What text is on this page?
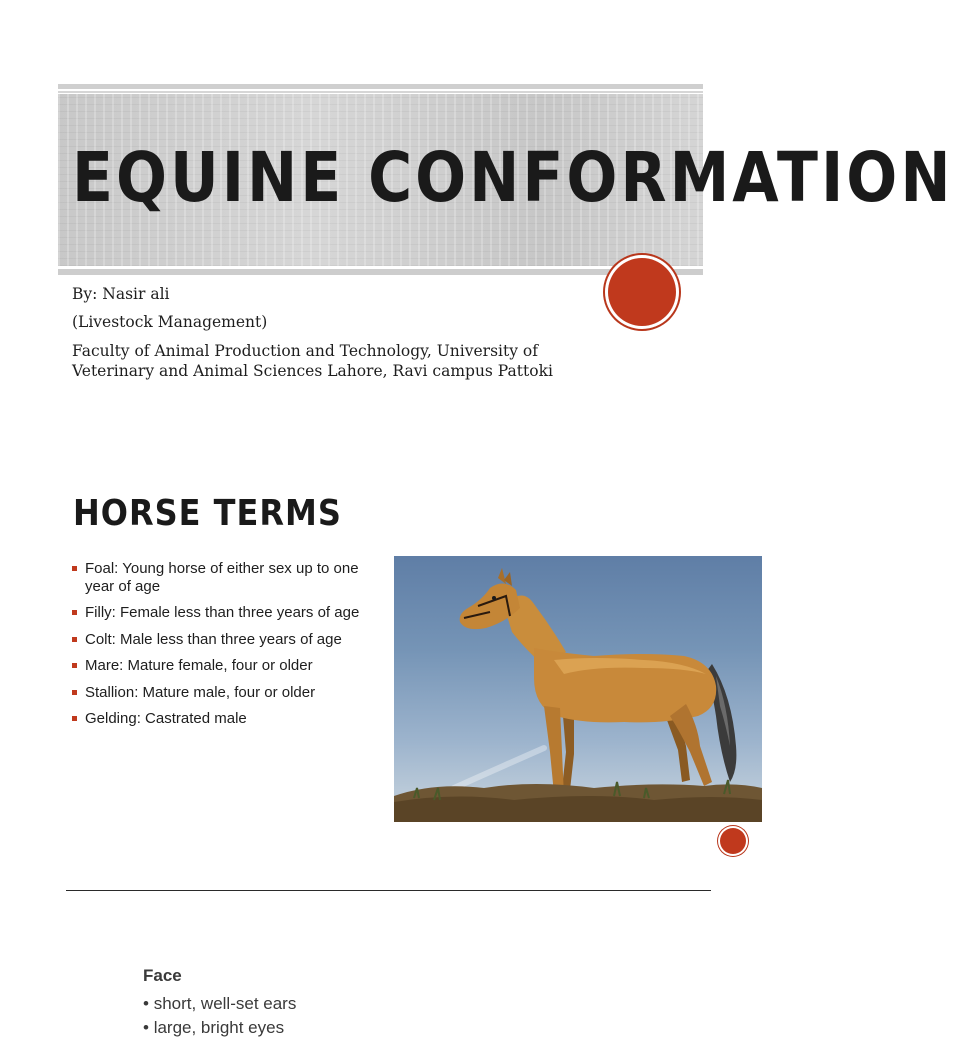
EQUINE CONFORMATION

By: Nasir ali

(Livestock Management)

Faculty of Animal Production and Technology, University of Veterinary and Animal Sciences Lahore, Ravi campus Pattoki

HORSE TERMS
Foal: Young horse of either sex up to one year of age
Filly: Female less than three years of age
Colt: Male less than three years of age
Mare: Mature female, four or older
Stallion: Mature male, four or older
Gelding: Castrated male

Face

• short, well-set ears

• large, bright eyes
